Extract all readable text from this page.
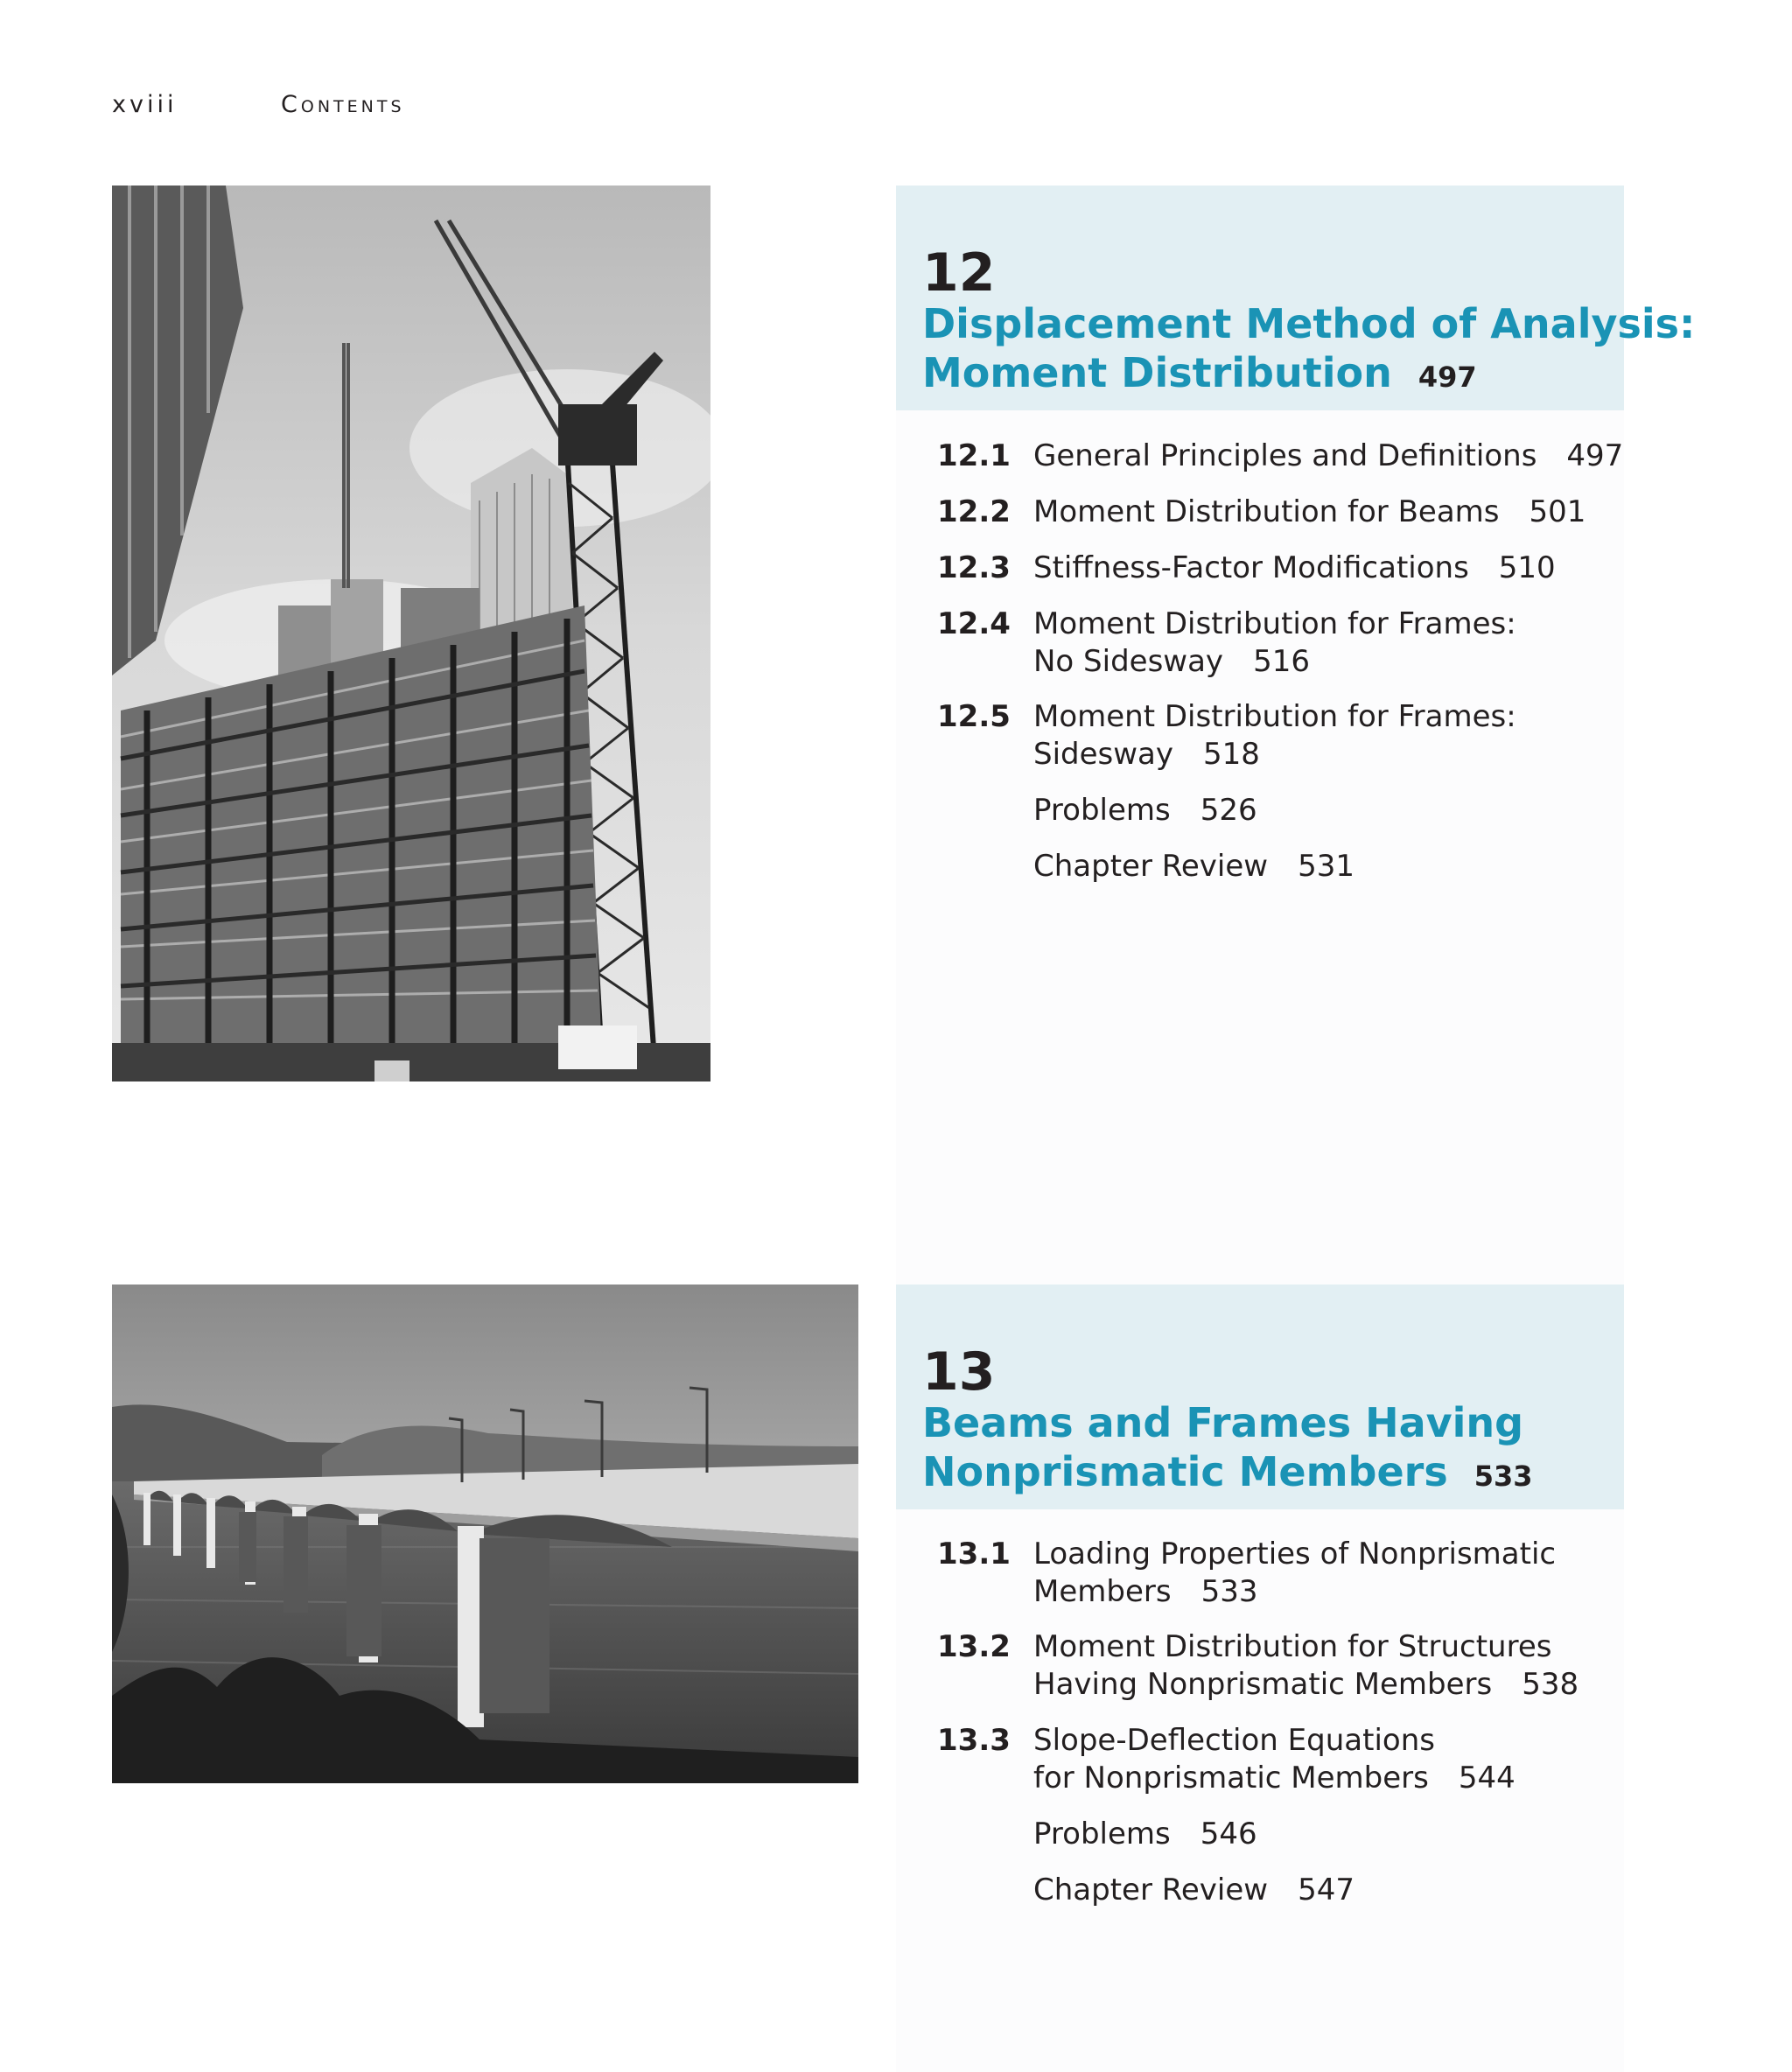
xviii	Contents
12
Displacement Method of Analysis:
Moment Distribution 497
12.1 General Principles and Definitions 497
12.2 Moment Distribution for Beams 501
12.3 Stiffness-Factor Modifications 510
12.4 Moment Distribution for Frames:
No Sidesway 516
12.5 Moment Distribution for Frames:
Sidesway 518
Problems 526
Chapter Review 531
13
Beams and Frames Having
Nonprismatic Members 533
13.1 Loading Properties of Nonprismatic
Members 533
13.2 Moment Distribution for Structures
Having Nonprismatic Members 538
13.3 Slope-Deflection Equations
for Nonprismatic Members 544
Problems 546
Chapter Review 547
